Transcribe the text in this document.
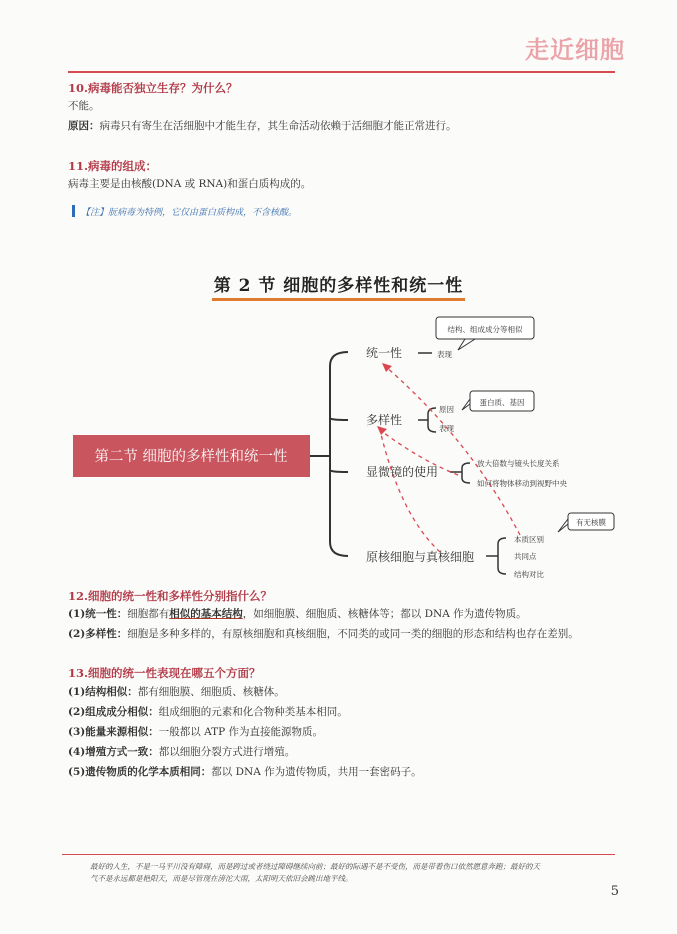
走近细胞
10.病毒能否独立生存？为什么？
不能。
原因：病毒只有寄生在活细胞中才能生存，其生命活动依赖于活细胞才能正常进行。
11.病毒的组成：
病毒主要是由核酸(DNA 或 RNA)和蛋白质构成的。
【注】朊病毒为特例，它仅由蛋白质构成，不含核酸。
第 2 节 细胞的多样性和统一性
第二节 细胞的多样性和统一性
统一性	表现
结构、组成成分等相似
多样性
原因
表现
蛋白质、基因
显微镜的使用
放大倍数与镜头长度关系
如何将物体移动到视野中央
原核细胞与真核细胞
本质区别
共同点
结构对比
有无核膜
12.细胞的统一性和多样性分别指什么？
(1)统一性：细胞都有相似的基本结构，如细胞膜、细胞质、核糖体等；都以 DNA 作为遗传物质。
(2)多样性：细胞是多种多样的，有原核细胞和真核细胞，不同类的或同一类的细胞的形态和结构也存在差别。
13.细胞的统一性表现在哪五个方面？
(1)结构相似：都有细胞膜、细胞质、核糖体。
(2)组成成分相似：组成细胞的元素和化合物种类基本相同。
(3)能量来源相似：一般都以 ATP 作为直接能源物质。
(4)增殖方式一致：都以细胞分裂方式进行增殖。
(5)遗传物质的化学本质相同：都以 DNA 作为遗传物质，共用一套密码子。
最好的人生，不是一马平川没有障碍，而是跨过或者绕过障碍继续向前；最好的际遇不是不受伤，而是带着伤口依然愿意奔跑；最好的天
气不是永远都是艳阳天，而是尽管现在滂沱大雨，太阳明天依旧会跳出地平线。
5
